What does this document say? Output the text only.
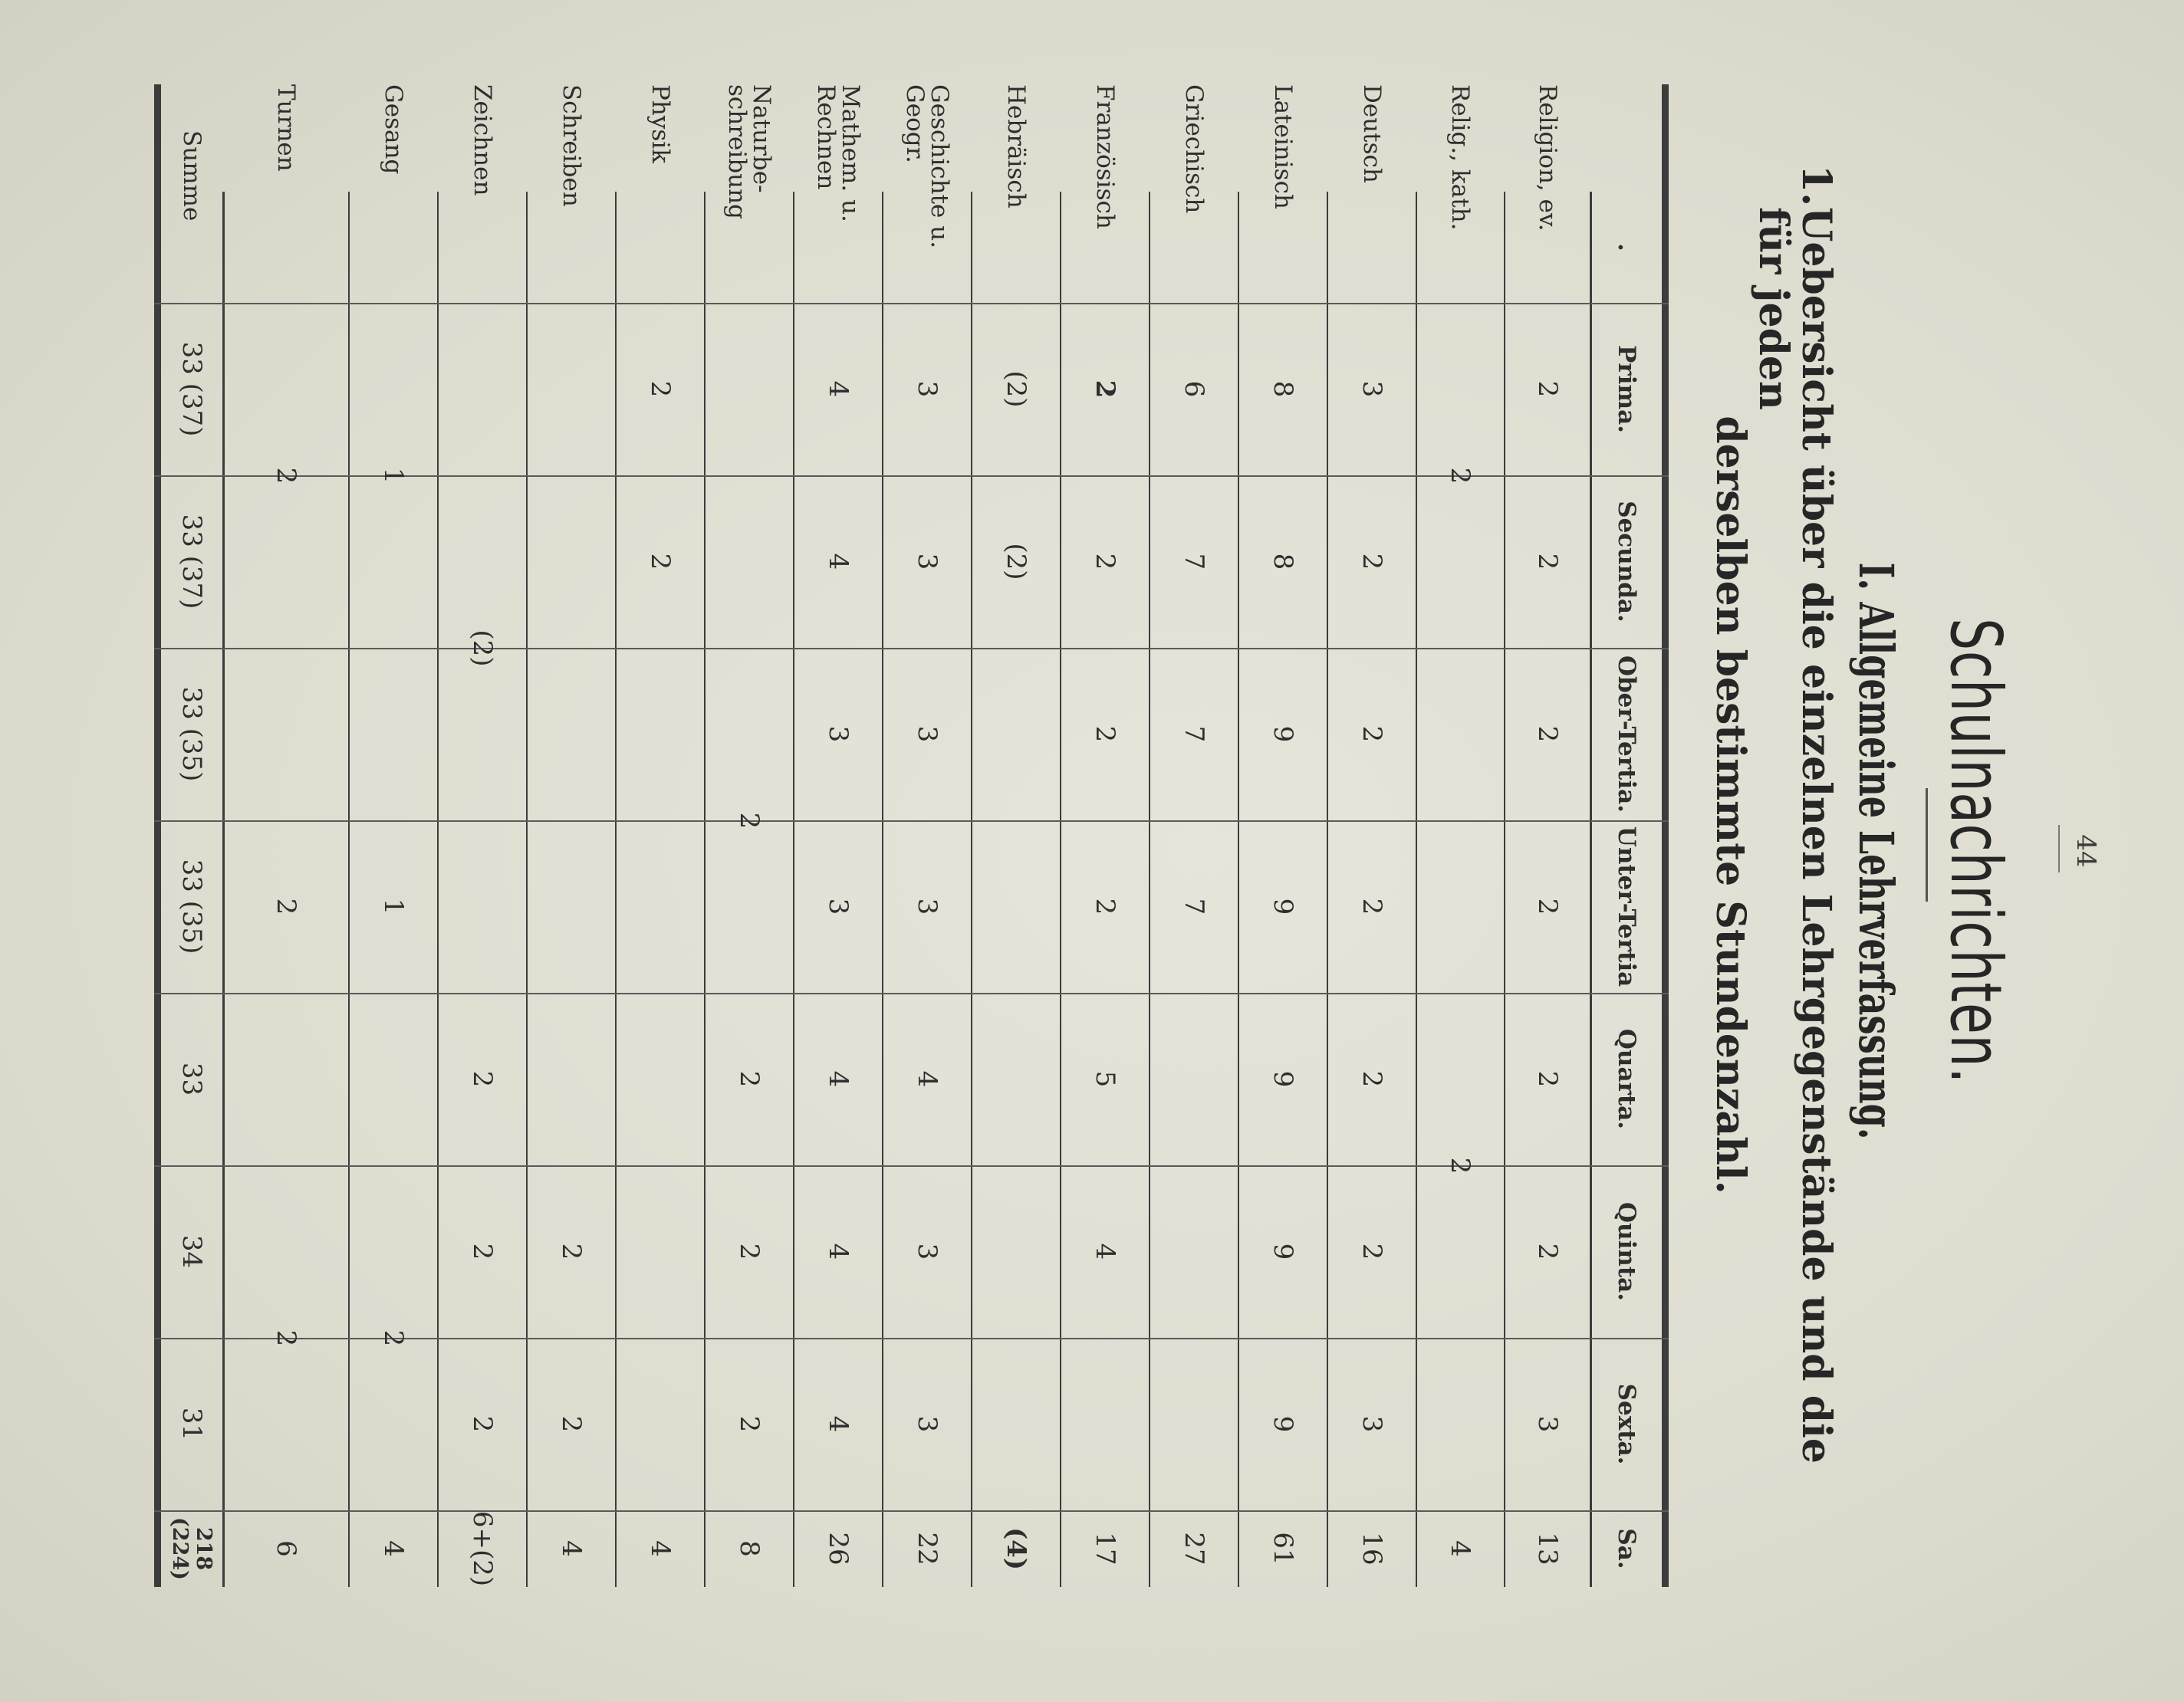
44
Schulnachrichten.
I. Allgemeine Lehrverfassung.
1.
Uebersicht über die einzelnen Lehrgegenstände und die für jeden
derselben bestimmte Stundenzahl.
.
Prima.
Secunda.
Ober-Tertia.
Unter-Tertia
Quarta.
Quinta.
Sexta.
Sa.
Religion, ev.
2
2
2
2
2
2
3
13
Relig., kath.
2
2
4
Deutsch
3
2
2
2
2
2
3
16
Lateinisch
8
8
9
9
9
9
9
61
Griechisch
6
7
7
7
27
Französisch
2
2
2
2
5
4
17
Hebräisch
(2)
(2)
(4)
Geschichte u. Geogr.
3
3
3
3
4
3
3
22
Mathem. u. Rechnen
4
4
3
3
4
4
4
26
Naturbe-schreibung
2
2
2
2
8
Physik
2
2
4
Schreiben
2
2
4
Zeichnen
(2)
2
2
2
6+(2)
Gesang
1
1
2
4
Turnen
2
2
2
6
Summe
33 (37)
33 (37)
33 (35)
33 (35)
33
34
31
218 (224)
